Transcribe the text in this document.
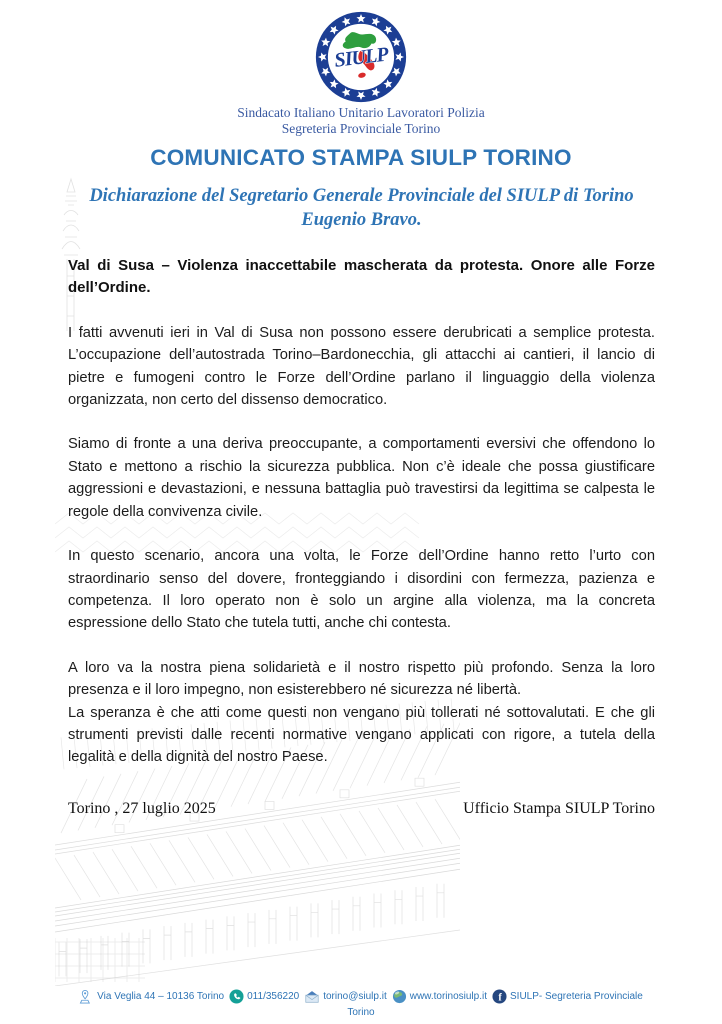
SIULP
Sindacato Italiano Unitario Lavoratori Polizia
Segreteria Provinciale Torino
COMUNICATO STAMPA SIULP TORINO
Dichiarazione del Segretario Generale Provinciale del SIULP di Torino Eugenio Bravo.

Val di Susa – Violenza inaccettabile mascherata da protesta. Onore alle Forze dell’Ordine.

I fatti avvenuti ieri in Val di Susa non possono essere derubricati a semplice protesta. L’occupazione dell’autostrada Torino–Bardonecchia, gli attacchi ai cantieri, il lancio di pietre e fumogeni contro le Forze dell’Ordine parlano il linguaggio della violenza organizzata, non certo del dissenso democratico.

Siamo di fronte a una deriva preoccupante, a comportamenti eversivi che offendono lo Stato e mettono a rischio la sicurezza pubblica. Non c’è ideale che possa giustificare aggressioni e devastazioni, e nessuna battaglia può travestirsi da legittima se calpesta le regole della convivenza civile.

In questo scenario, ancora una volta, le Forze dell’Ordine hanno retto l’urto con straordinario senso del dovere, fronteggiando i disordini con fermezza, pazienza e competenza. Il loro operato non è solo un argine alla violenza, ma la concreta espressione dello Stato che tutela tutti, anche chi contesta.

A loro va la nostra piena solidarietà e il nostro rispetto più profondo. Senza la loro presenza e il loro impegno, non esisterebbero né sicurezza né libertà.

La speranza è che atti come questi non vengano più tollerati né sottovalutati. E che gli strumenti previsti dalle recenti normative vengano applicati con rigore, a tutela della legalità e della dignità del nostro Paese.

Torino , 27 luglio 2025	Ufficio Stampa SIULP Torino
Via Veglia 44 – 10136 Torino 011/356220 torino@siulp.it www.torinosiulp.it f SIULP- Segreteria Provinciale
Torino
